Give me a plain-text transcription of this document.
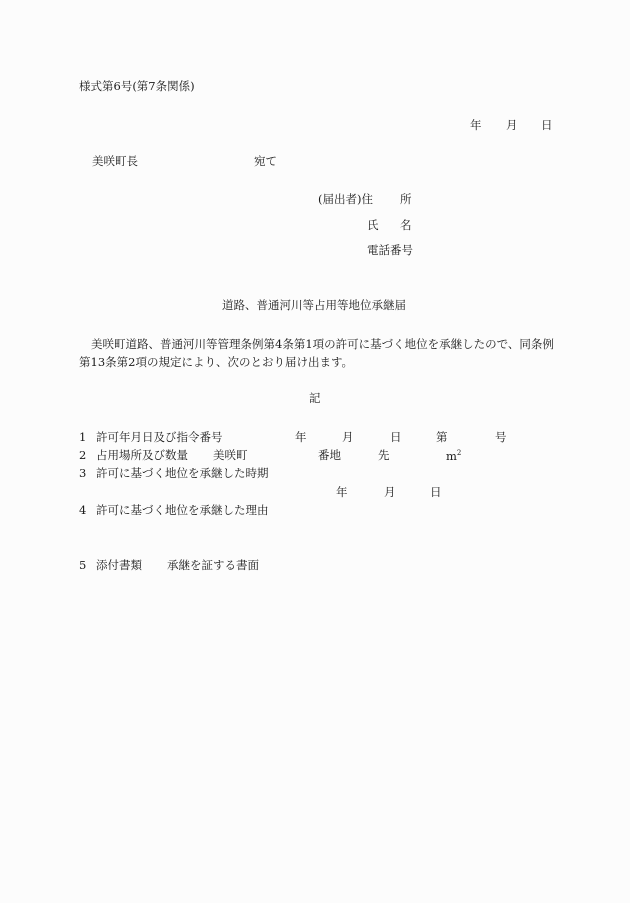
様式第6号(第7条関係)
年 月 日
美咲町長	宛て
(届出者)住 所
氏 名
電話番号
道路、普通河川等占用等地位承継届
美咲町道路、普通河川等管理条例第4条第1項の許可に基づく地位を承継したので、同条例第13条第2項の規定により、次のとおり届け出ます。
記
1 許可年月日及び指令番号	年	月	日	第	号
2 占用場所及び数量 美咲町	番地	先	$m^2$
3 許可に基づく地位を承継した時期
年	月	日
4 許可に基づく地位を承継した理由
5 添付書類 承継を証する書面
